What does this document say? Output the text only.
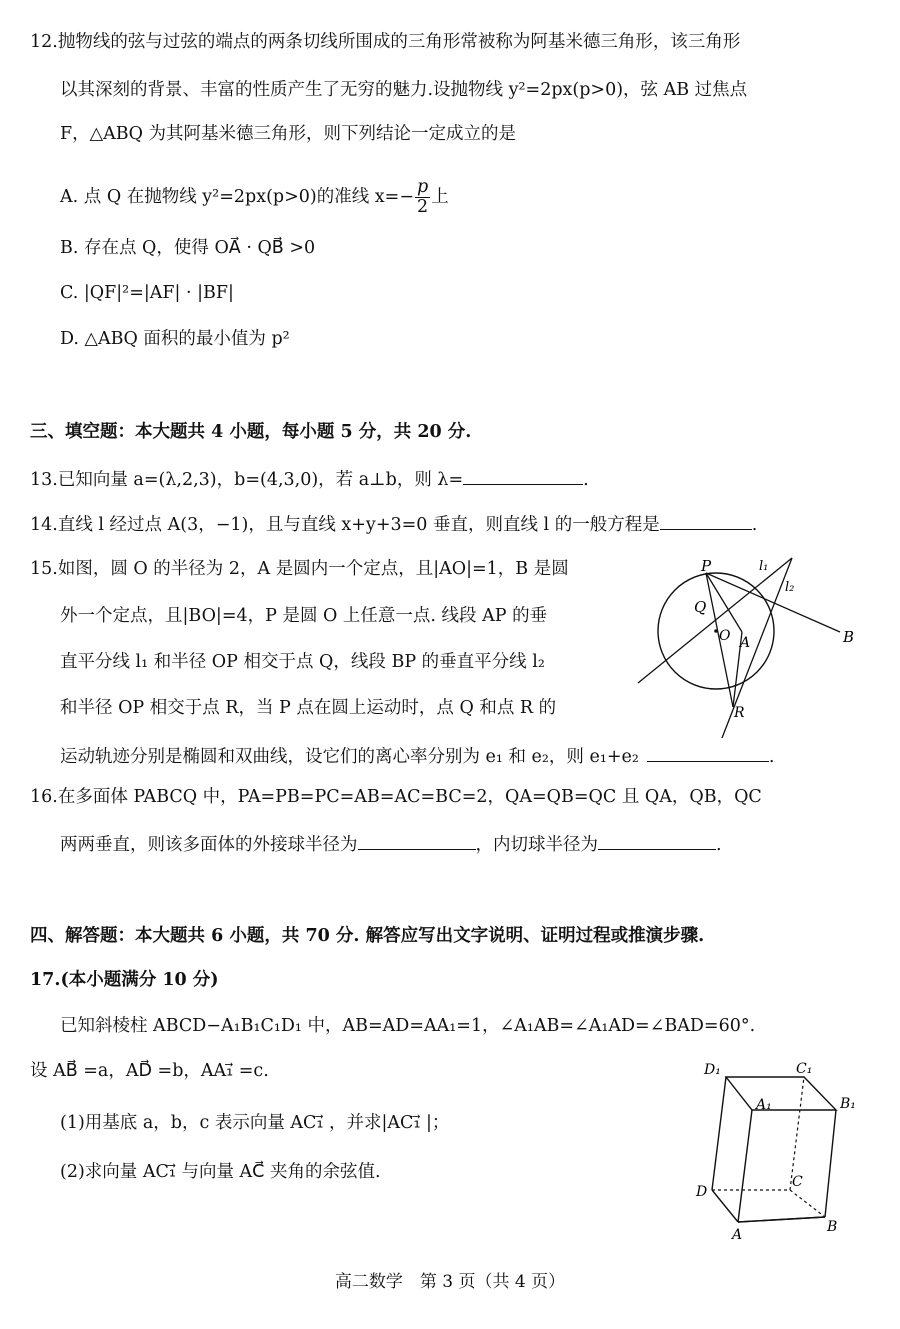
12.抛物线的弦与过弦的端点的两条切线所围成的三角形常被称为阿基米德三角形，该三角形
以其深刻的背景、丰富的性质产生了无穷的魅力.设抛物线 y²=2px(p>0)，弦 AB 过焦点
F，△ABQ 为其阿基米德三角形，则下列结论一定成立的是
A. 点 Q 在抛物线 y²=2px(p>0)的准线 $x=- \frac{p}{2}$ 上
B. 存在点 Q，使得 OA⃗ · QB⃗ >0
C. |QF|²=|AF| · |BF|
D. △ABQ 面积的最小值为 p²
三、填空题：本大题共 4 小题，每小题 5 分，共 20 分.
13.已知向量 a=(λ,2,3)，b=(4,3,0)，若 a⊥b，则 λ=	.
14.直线 l 经过点 A(3，−1)，且与直线 x+y+3=0 垂直，则直线 l 的一般方程是	.
15.如图，圆 O 的半径为 2，A 是圆内一个定点，且|AO|=1，B 是圆
外一个定点，且|BO|=4，P 是圆 O 上任意一点. 线段 AP 的垂
直平分线 l₁ 和半径 OP 相交于点 Q，线段 BP 的垂直平分线 l₂
和半径 OP 相交于点 R，当 P 点在圆上运动时，点 Q 和点 R 的
运动轨迹分别是椭圆和双曲线，设它们的离心率分别为 e₁ 和 e₂，则 e₁+e₂	.
P
Q
O A	B
R
l₁
l₂
16.在多面体 PABCQ 中，PA=PB=PC=AB=AC=BC=2，QA=QB=QC 且 QA，QB，QC
两两垂直，则该多面体的外接球半径为	，内切球半径为	.
四、解答题：本大题共 6 小题，共 70 分. 解答应写出文字说明、证明过程或推演步骤.
17.(本小题满分 10 分)
已知斜棱柱 ABCD−A₁B₁C₁D₁ 中，AB=AD=AA₁=1，∠A₁AB=∠A₁AD=∠BAD=60°.
设 AB⃗ =a，AD⃗ =b，AA₁⃗ =c.
(1)用基底 a，b，c 表示向量 AC₁⃗ ，并求|AC₁⃗ |；
(2)求向量 AC₁⃗ 与向量 AC⃗ 夹角的余弦值.
D₁	C₁
A₁	B₁
C
D
A	B
高二数学　第 3 页（共 4 页）
